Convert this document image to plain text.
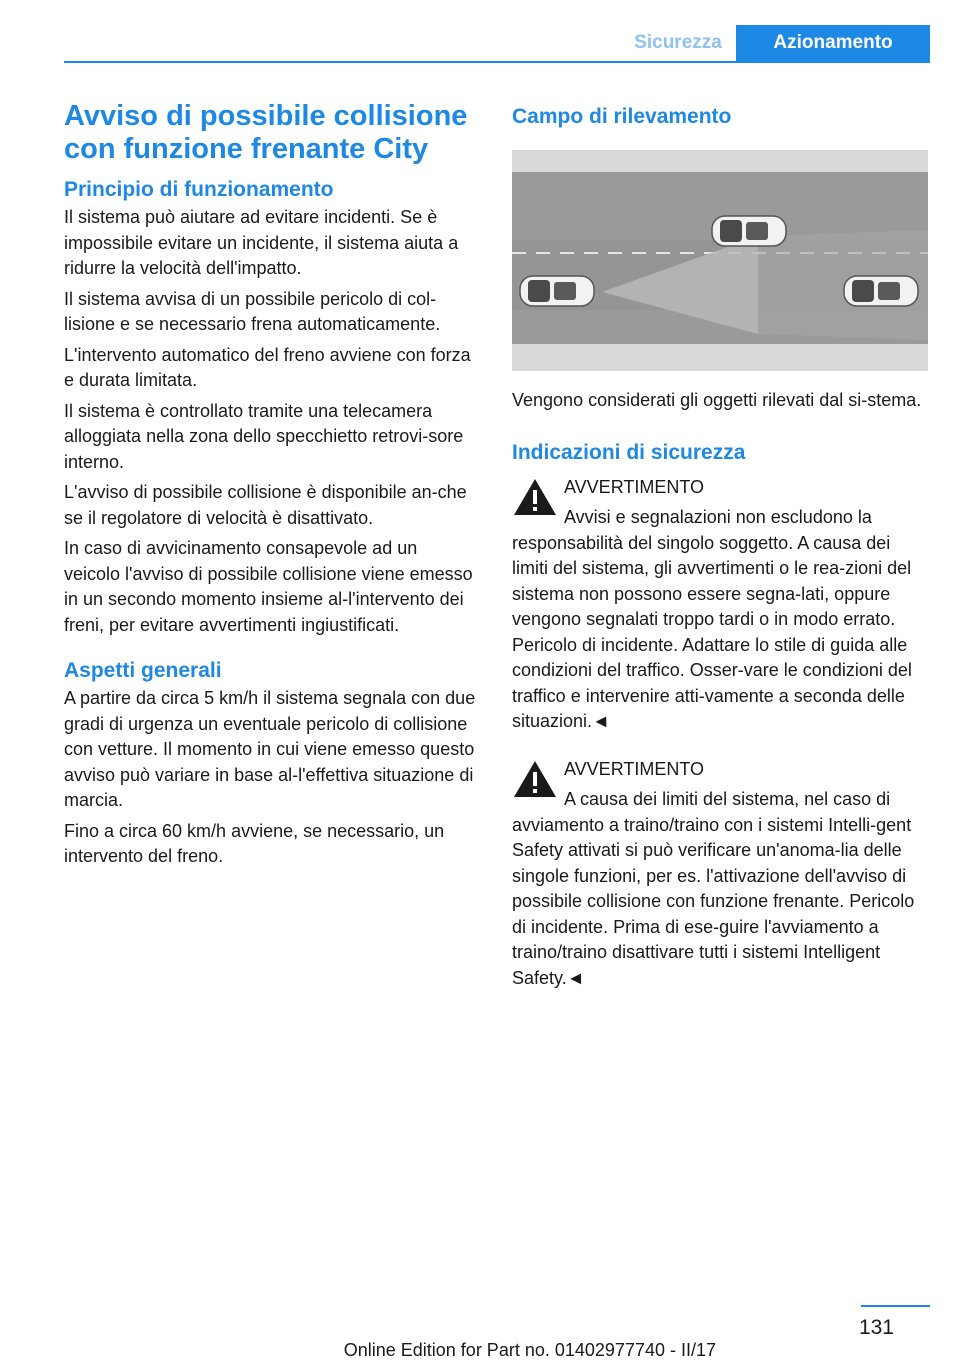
Sicurezza	Azionamento
Avviso di possibile collisione con funzione frenante City
Principio di funzionamento

Il sistema può aiutare ad evitare incidenti. Se è impossibile evitare un incidente, il sistema aiuta a ridurre la velocità dell'impatto.

Il sistema avvisa di un possibile pericolo di col‐lisione e se necessario frena automaticamente.

L'intervento automatico del freno avviene con forza e durata limitata.

Il sistema è controllato tramite una telecamera alloggiata nella zona dello specchietto retrovi‐sore interno.

L'avviso di possibile collisione è disponibile an‐che se il regolatore di velocità è disattivato.

In caso di avvicinamento consapevole ad un veicolo l'avviso di possibile collisione viene emesso in un secondo momento insieme al‐l'intervento dei freni, per evitare avvertimenti ingiustificati.

Aspetti generali

A partire da circa 5 km/h il sistema segnala con due gradi di urgenza un eventuale pericolo di collisione con vetture. Il momento in cui viene emesso questo avviso può variare in base al‐l'effettiva situazione di marcia.

Fino a circa 60 km/h avviene, se necessario, un intervento del freno.

Campo di rilevamento

Vengono considerati gli oggetti rilevati dal si‐stema.

Indicazioni di sicurezza
AVVERTIMENTO

Avvisi e segnalazioni non escludono la responsabilità del singolo soggetto. A causa dei limiti del sistema, gli avvertimenti o le rea‐zioni del sistema non possono essere segna‐lati, oppure vengono segnalati troppo tardi o in modo errato. Pericolo di incidente. Adattare lo stile di guida alle condizioni del traffico. Osser‐vare le condizioni del traffico e intervenire atti‐vamente a seconda delle situazioni.◄

AVVERTIMENTO

A causa dei limiti del sistema, nel caso di avviamento a traino/traino con i sistemi Intelli‐gent Safety attivati si può verificare un'anoma‐lia delle singole funzioni, per es. l'attivazione dell'avviso di possibile collisione con funzione frenante. Pericolo di incidente. Prima di ese‐guire l'avviamento a traino/traino disattivare tutti i sistemi Intelligent Safety.◄

131
Online Edition for Part no. 01402977740 - II/17
